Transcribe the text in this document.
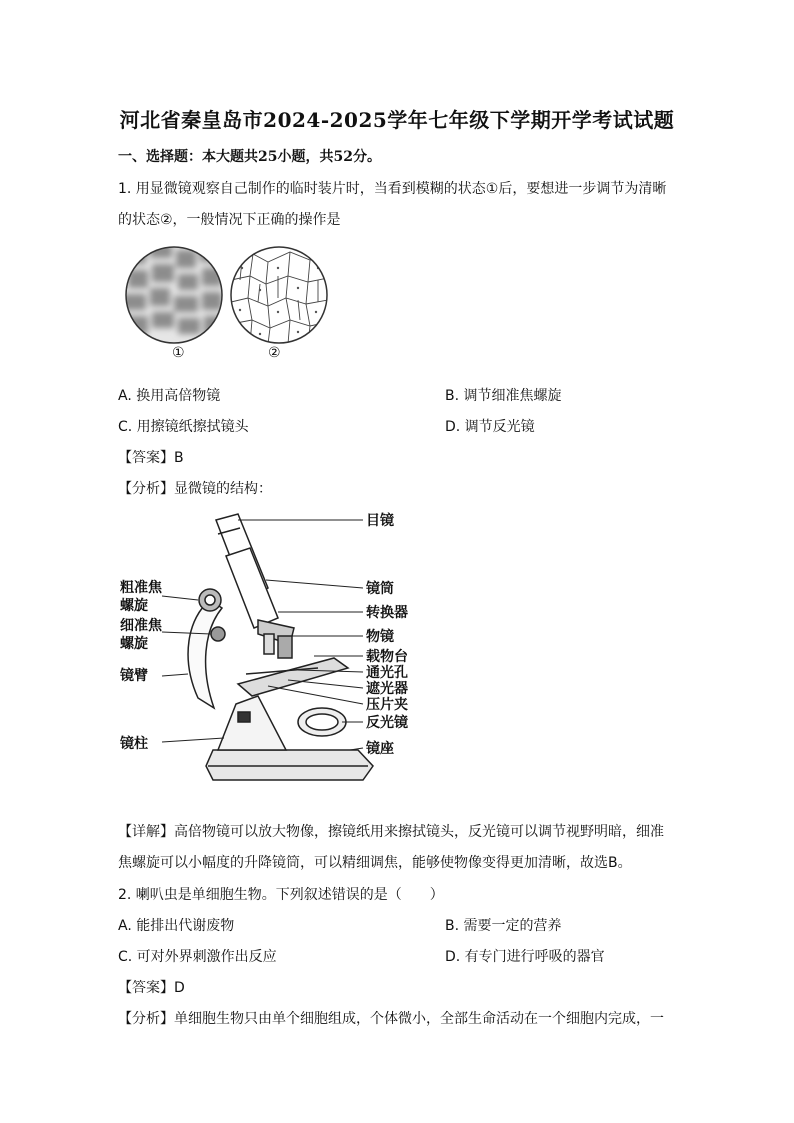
河北省秦皇岛市2024-2025学年七年级下学期开学考试试题
一、选择题：本大题共25小题，共52分。
1. 用显微镜观察自己制作的临时装片时，当看到模糊的状态①后，要想进一步调节为清晰
的状态②，一般情况下正确的操作是
①	②
A. 换用高倍物镜	B. 调节细准焦螺旋
C. 用擦镜纸擦拭镜头	D. 调节反光镜
【答案】B
【分析】显微镜的结构：
目镜
镜筒
转换器
物镜
载物台
通光孔
遮光器
压片夹
反光镜
镜座
粗准焦
螺旋
细准焦
螺旋
镜臂
镜柱
【详解】高倍物镜可以放大物像，擦镜纸用来擦拭镜头，反光镜可以调节视野明暗，细准
焦螺旋可以小幅度的升降镜筒，可以精细调焦，能够使物像变得更加清晰，故选B。
2. 喇叭虫是单细胞生物。下列叙述错误的是（　　）
A. 能排出代谢废物	B. 需要一定的营养
C. 可对外界刺激作出反应	D. 有专门进行呼吸的器官
【答案】D
【分析】单细胞生物只由单个细胞组成，个体微小，全部生命活动在一个细胞内完成，一
